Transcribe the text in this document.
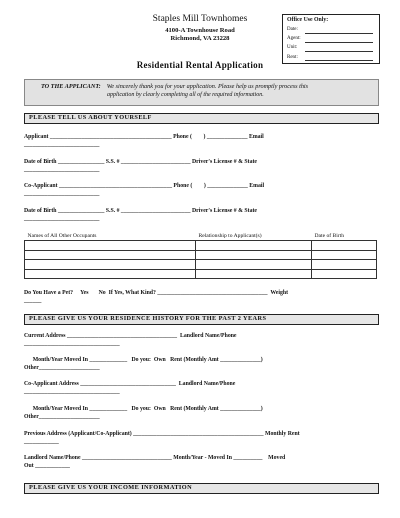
Staples Mill Townhomes
4100-A Townhouse Road
Richmond, VA 23228
Office Use Only:
Date:
Agent:
Unit:
Rent:
Residential Rental Application
TO THE APPLICANT: We sincerely thank you for your application. Please help us promptly process this
application by clearly completing all of the required information.
PLEASE TELL US ABOUT YOURSELF
Applicant __________________________________________ Phone (        ) ______________ Email
__________________________
Date of Birth ________________ S.S. # ________________________ Driver's License # & State
__________________________
Co-Applicant _______________________________________ Phone (        ) ______________ Email
__________________________
Date of Birth ________________ S.S. # ________________________ Driver's License # & State
__________________________
Names of All Other Occupants	Relationship to Applicant(s)	Date of Birth

Do You Have a Pet?     Yes       No  If Yes, What Kind? ______________________________________  Weight
______
PLEASE GIVE US YOUR RESIDENCE HISTORY FOR THE PAST 2 YEARS
Current Address ______________________________________  Landlord Name/Phone
_________________________________
Month/Year Moved In _____________   Do you:  Own   Rent (Monthly Amt ______________)
Other_____________________
Co-Applicant Address _________________________________  Landlord Name/Phone
_________________________________
Month/Year Moved In _____________   Do you:  Own   Rent (Monthly Amt ______________)
Other_____________________
Previous Address (Applicant/Co-Applicant) _____________________________________________ Monthly Rent
____________
Landlord Name/Phone _______________________________ Month/Year - Moved In __________    Moved
Out ____________
PLEASE GIVE US YOUR INCOME INFORMATION
